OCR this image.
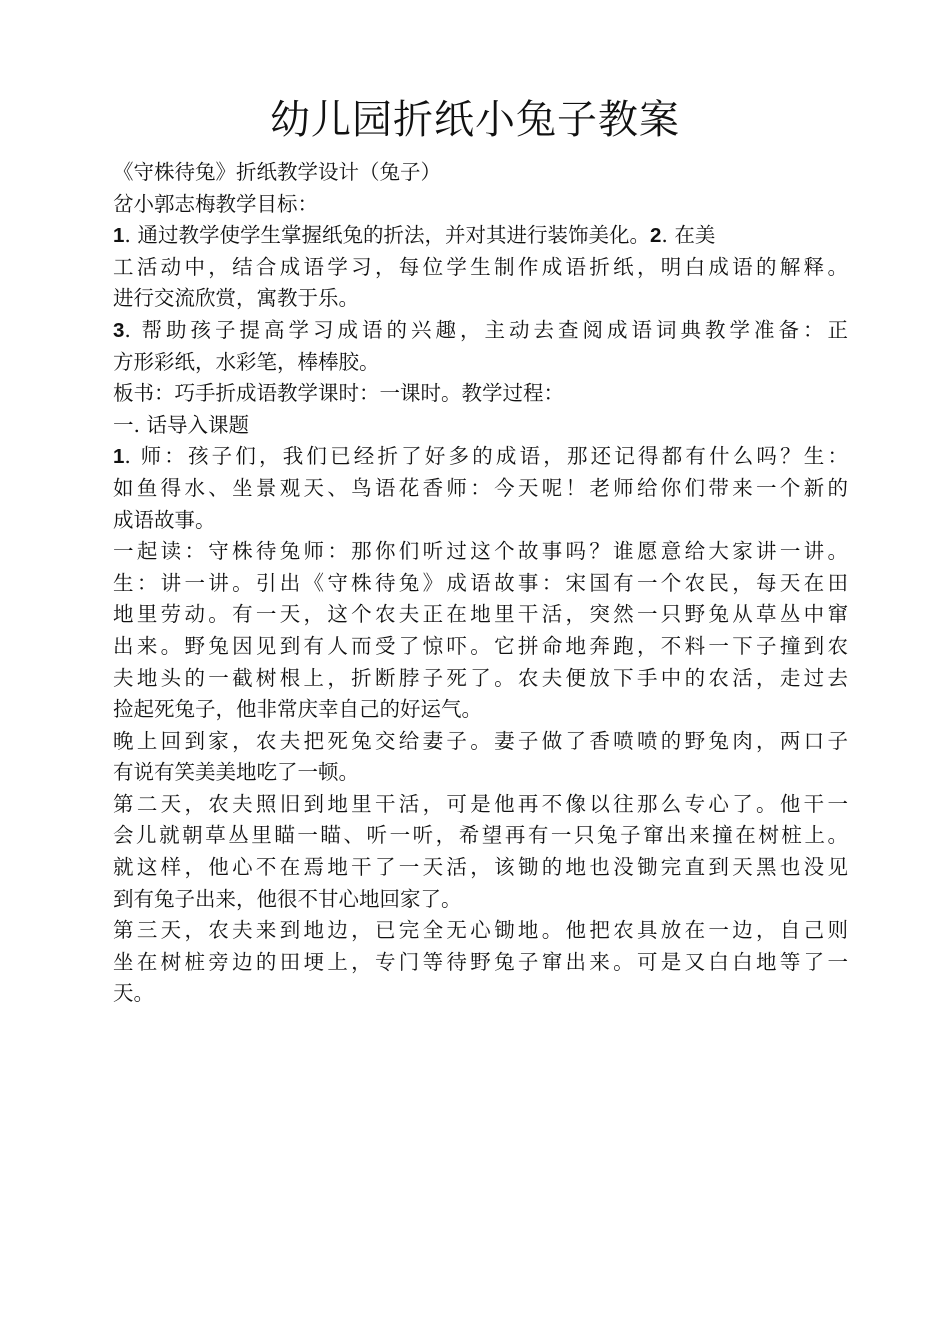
幼儿园折纸小兔子教案
《守株待兔》折纸教学设计（兔子）
岔小郭志梅教学目标：
1. 通过教学使学生掌握纸兔的折法，并对其进行装饰美化。2. 在美
工活动中，结合成语学习，每位学生制作成语折纸，明白成语的解释。
进行交流欣赏，寓教于乐。
3. 帮助孩子提高学习成语的兴趣，主动去查阅成语词典教学准备：正
方形彩纸，水彩笔，棒棒胶。
板书：巧手折成语教学课时：一课时。教学过程：
一. 话导入课题
1. 师：孩子们，我们已经折了好多的成语，那还记得都有什么吗？生：
如鱼得水、坐景观天、鸟语花香师：今天呢！老师给你们带来一个新的
成语故事。
一起读：守株待兔师：那你们听过这个故事吗？谁愿意给大家讲一讲。
生：讲一讲。引出《守株待兔》成语故事：宋国有一个农民，每天在田
地里劳动。有一天，这个农夫正在地里干活，突然一只野兔从草丛中窜
出来。野兔因见到有人而受了惊吓。它拼命地奔跑，不料一下子撞到农
夫地头的一截树根上，折断脖子死了。农夫便放下手中的农活，走过去
捡起死兔子，他非常庆幸自己的好运气。
晚上回到家，农夫把死兔交给妻子。妻子做了香喷喷的野兔肉，两口子
有说有笑美美地吃了一顿。
第二天，农夫照旧到地里干活，可是他再不像以往那么专心了。他干一
会儿就朝草丛里瞄一瞄、听一听，希望再有一只兔子窜出来撞在树桩上。
就这样，他心不在焉地干了一天活，该锄的地也没锄完直到天黑也没见
到有兔子出来，他很不甘心地回家了。
第三天，农夫来到地边，已完全无心锄地。他把农具放在一边，自己则
坐在树桩旁边的田埂上，专门等待野兔子窜出来。可是又白白地等了一
天。
